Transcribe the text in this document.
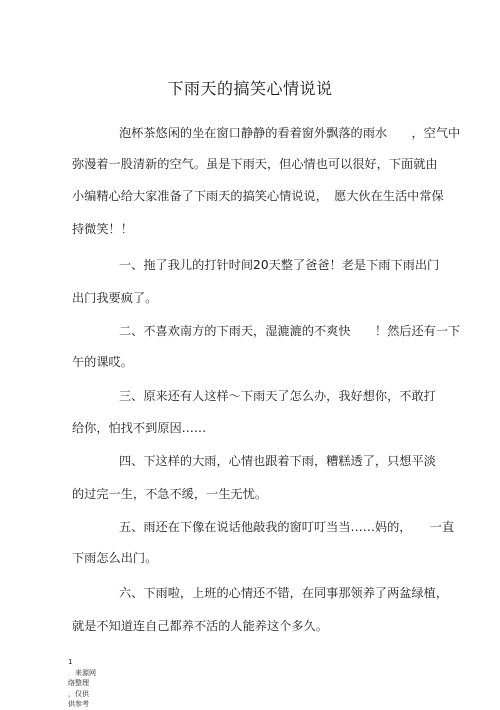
下雨天的搞笑心情说说
泡杯茶悠闲的坐在窗口静静的看着窗外飘落的雨水　　，空气中
弥漫着一股清新的空气。虽是下雨天，但心情也可以很好，下面就由
小编精心给大家准备了下雨天的搞笑心情说说，　愿大伙在生活中常保
持微笑！！
一、拖了我儿的打针时间20天整了爸爸！老是下雨下雨出门
出门我要疯了。
二、不喜欢南方的下雨天，湿漉漉的不爽快　　！然后还有一下
午的课哎。
三、原来还有人这样～下雨天了怎么办，我好想你，不敢打
给你，怕找不到原因……
四、下这样的大雨，心情也跟着下雨，糟糕透了，只想平淡
的过完一生，不急不缓，一生无忧。
五、雨还在下像在说话他敲我的窗叮叮当当……妈的，　　一直
下雨怎么出门。
六、下雨啦，上班的心情还不错，在同事那领养了两盆绿植，
就是不知道连自己都养不活的人能养这个多久。
1
　来源网
络整理
，仅供
供参考
